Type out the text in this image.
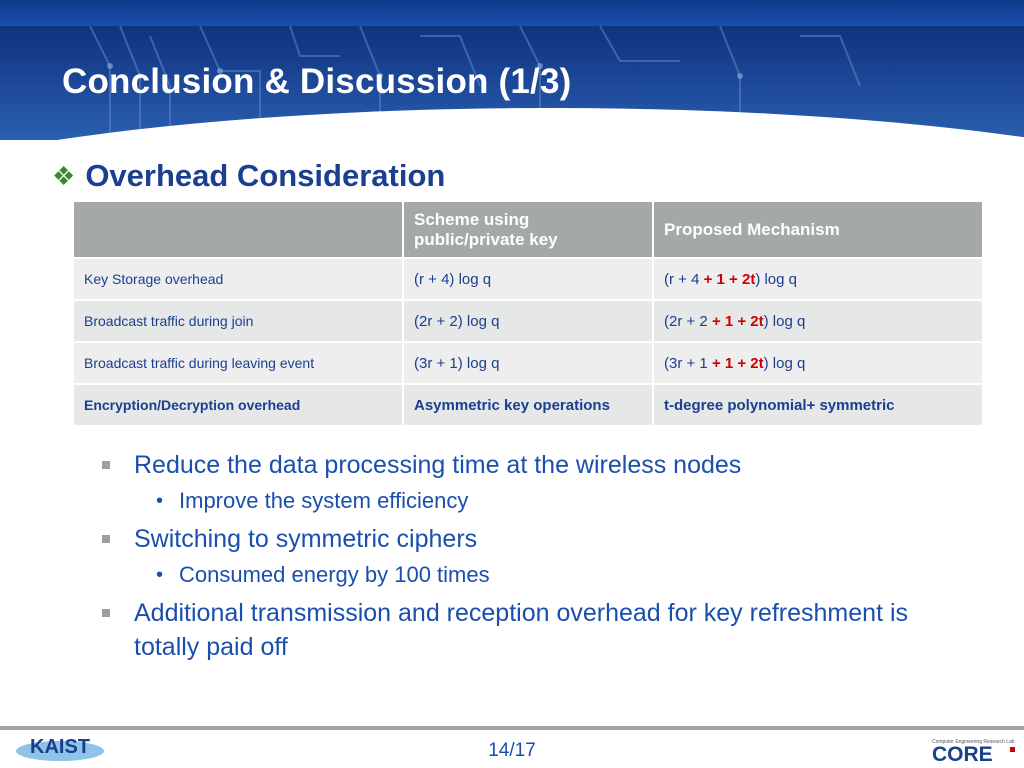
Conclusion & Discussion (1/3)
❖ Overhead Consideration
	Scheme using public/private key	Proposed Mechanism
Key Storage overhead	(r + 4) log q	(r + 4 + 1 + 2t) log q
Broadcast traffic during join	(2r + 2) log q	(2r + 2 + 1 + 2t) log q
Broadcast traffic during leaving event	(3r + 1) log q	(3r + 1 + 1 + 2t) log q
Encryption/Decryption overhead	Asymmetric key operations	t-degree polynomial+ symmetric
Reduce the data processing time at the wireless nodes
• Improve the system efficiency
Switching to symmetric ciphers
• Consumed energy by 100 times
Additional transmission and reception overhead for key refreshment is totally paid off
KAIST	14/17	Computer Engineering Research Lab
CORE
